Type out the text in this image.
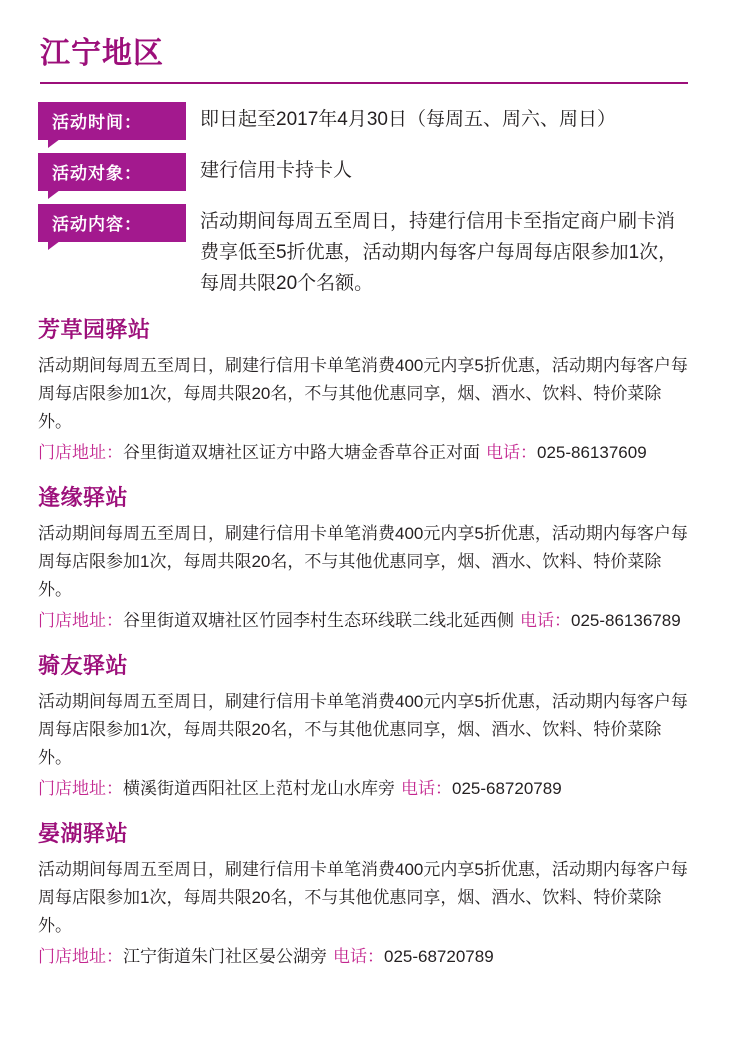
江宁地区
活动时间：	即日起至2017年4月30日（每周五、周六、周日）
活动对象：	建行信用卡持卡人
活动内容：	活动期间每周五至周日，持建行信用卡至指定商户刷卡消费享低至5折优惠，活动期内每客户每周每店限参加1次，每周共限20个名额。
芳草园驿站
活动期间每周五至周日，刷建行信用卡单笔消费400元内享5折优惠，活动期内每客户每周每店限参加1次，每周共限20名，不与其他优惠同享，烟、酒水、饮料、特价菜除外。
门店地址：谷里街道双塘社区证方中路大塘金香草谷正对面 电话：025-86137609
逢缘驿站
活动期间每周五至周日，刷建行信用卡单笔消费400元内享5折优惠，活动期内每客户每周每店限参加1次，每周共限20名，不与其他优惠同享，烟、酒水、饮料、特价菜除外。
门店地址：谷里街道双塘社区竹园李村生态环线联二线北延西侧 电话：025-86136789
骑友驿站
活动期间每周五至周日，刷建行信用卡单笔消费400元内享5折优惠，活动期内每客户每周每店限参加1次，每周共限20名，不与其他优惠同享，烟、酒水、饮料、特价菜除外。
门店地址：横溪街道西阳社区上范村龙山水库旁 电话：025-68720789
晏湖驿站
活动期间每周五至周日，刷建行信用卡单笔消费400元内享5折优惠，活动期内每客户每周每店限参加1次，每周共限20名，不与其他优惠同享，烟、酒水、饮料、特价菜除外。
门店地址：江宁街道朱门社区晏公湖旁 电话：025-68720789
